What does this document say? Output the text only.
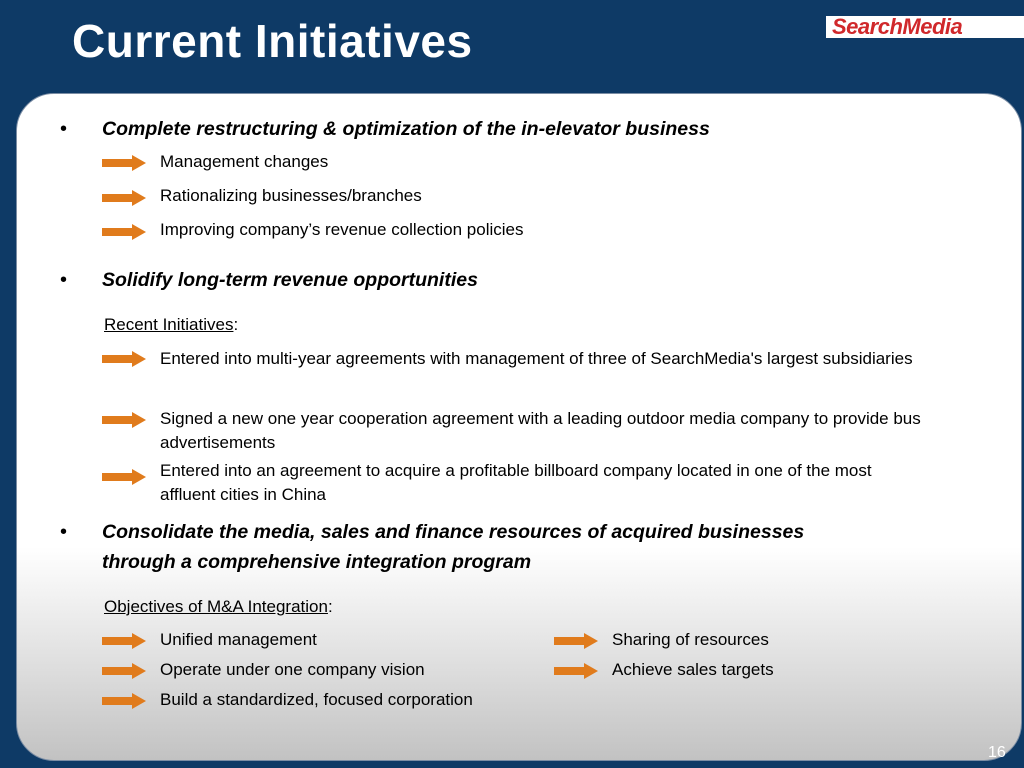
Current Initiatives	SearchMedia
• Complete restructuring & optimization of the in-elevator business
Management changes
Rationalizing businesses/branches
Improving company’s revenue collection policies
• Solidify long-term revenue opportunities
Recent Initiatives:
Entered into multi-year agreements with management of three of SearchMedia's largest subsidiaries
Signed a new one year cooperation agreement with a leading outdoor media company to provide bus advertisements
Entered into an agreement to acquire a profitable billboard company located in one of the most affluent cities in China
• Consolidate the media, sales and finance resources of acquired businesses through a comprehensive integration program
Objectives of M&A Integration:
Unified management
Operate under one company vision
Build a standardized, focused corporation
Sharing of resources
Achieve sales targets
16
